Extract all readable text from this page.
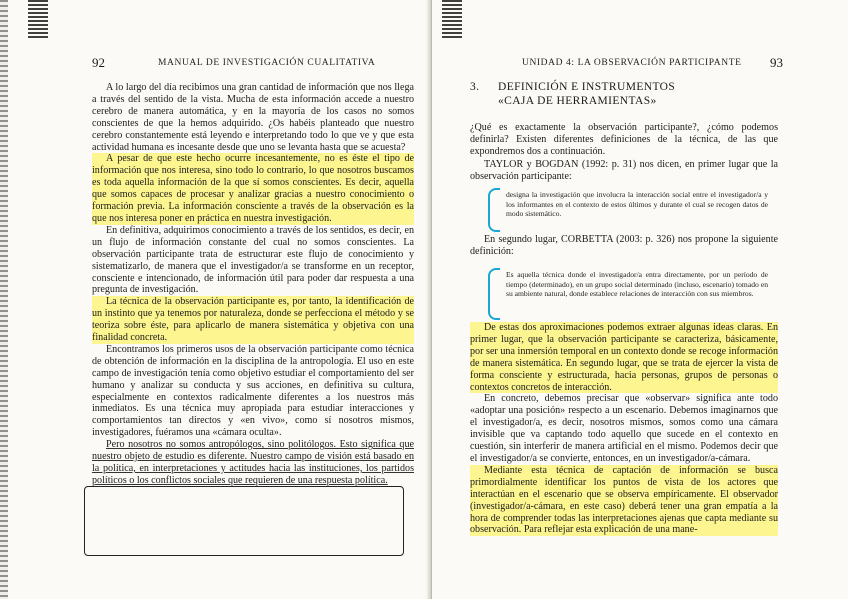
92	MANUAL DE INVESTIGACIÓN CUALITATIVA

A lo largo del día recibimos una gran cantidad de información que nos llega a través del sentido de la vista. Mucha de esta información accede a nuestro cerebro de manera automática, y en la mayoría de los casos no somos conscientes de que la hemos adquirido. ¿Os habéis planteado que nuestro cerebro constantemente está leyendo e interpretando todo lo que ve y que esta actividad humana es incesante desde que uno se levanta hasta que se acuesta?

A pesar de que este hecho ocurre incesantemente, no es éste el tipo de información que nos interesa, sino todo lo contrario, lo que nosotros buscamos es toda aquella información de la que sí somos conscientes. Es decir, aquella que somos capaces de procesar y analizar gracias a nuestro conocimiento o formación previa. La información consciente a través de la observación es la que nos interesa poner en práctica en nuestra investigación.

En definitiva, adquirimos conocimiento a través de los sentidos, es decir, en un flujo de información constante del cual no somos conscientes. La observación participante trata de estructurar este flujo de conocimiento y sistematizarlo, de manera que el investigador/a se transforme en un receptor, consciente e intencionado, de información útil para poder dar respuesta a una pregunta de investigación.

La técnica de la observación participante es, por tanto, la identificación de un instinto que ya tenemos por naturaleza, donde se perfecciona el método y se teoriza sobre éste, para aplicarlo de manera sistemática y objetiva con una finalidad concreta.

Encontramos los primeros usos de la observación participante como técnica de obtención de información en la disciplina de la antropología. El uso en este campo de investigación tenía como objetivo estudiar el comportamiento del ser humano y analizar su conducta y sus acciones, en definitiva su cultura, especialmente en contextos radicalmente diferentes a los nuestros más inmediatos. Es una técnica muy apropiada para estudiar interacciones y comportamientos tan directos y «en vivo», como sí nosotros mismos, investigadores, fuéramos una «cámara oculta».

Pero nosotros no somos antropólogos, sino politólogos. Esto significa que nuestro objeto de estudio es diferente. Nuestro campo de visión está basado en la política, en interpretaciones y actitudes hacia las instituciones, los partidos políticos o los conflictos sociales que requieren de una respuesta política.

UNIDAD 4: LA OBSERVACIÓN PARTICIPANTE 93
3. DEFINICIÓN E INSTRUMENTOS
«CAJA DE HERRAMIENTAS»

¿Qué es exactamente la observación participante?, ¿cómo podemos definirla? Existen diferentes definiciones de la técnica, de las que expondremos dos a continuación.

TAYLOR y BOGDAN (1992: p. 31) nos dicen, en primer lugar que la observación participante:

designa la investigación que involucra la interacción social entre el investigador/a y los informantes en el contexto de estos últimos y durante el cual se recogen datos de modo sistemático.

En segundo lugar, CORBETTA (2003: p. 326) nos propone la siguiente definición:

Es aquella técnica donde el investigador/a entra directamente, por un período de tiempo (determinado), en un grupo social determinado (incluso, escenario) tomado en su ambiente natural, donde establece relaciones de interacción con sus miembros.

De estas dos aproximaciones podemos extraer algunas ideas claras. En primer lugar, que la observación participante se caracteriza, básicamente, por ser una inmersión temporal en un contexto donde se recoge información de manera sistemática. En segundo lugar, que se trata de ejercer la vista de forma consciente y estructurada, hacia personas, grupos de personas o contextos concretos de interacción.

En concreto, debemos precisar que «observar» significa ante todo «adoptar una posición» respecto a un escenario. Debemos imaginarnos que el investigador/a, es decir, nosotros mismos, somos como una cámara invisible que va captando todo aquello que sucede en el contexto en cuestión, sin interferir de manera artificial en el mismo. Podemos decir que el investigador/a se convierte, entonces, en un investigador/a-cámara.

Mediante esta técnica de captación de información se busca primordialmente identificar los puntos de vista de los actores que interactúan en el escenario que se observa empíricamente. El observador (investigador/a-cámara, en este caso) deberá tener una gran empatía a la hora de comprender todas las interpretaciones ajenas que capta mediante su observación. Para reflejar esta explicación de una mane-
